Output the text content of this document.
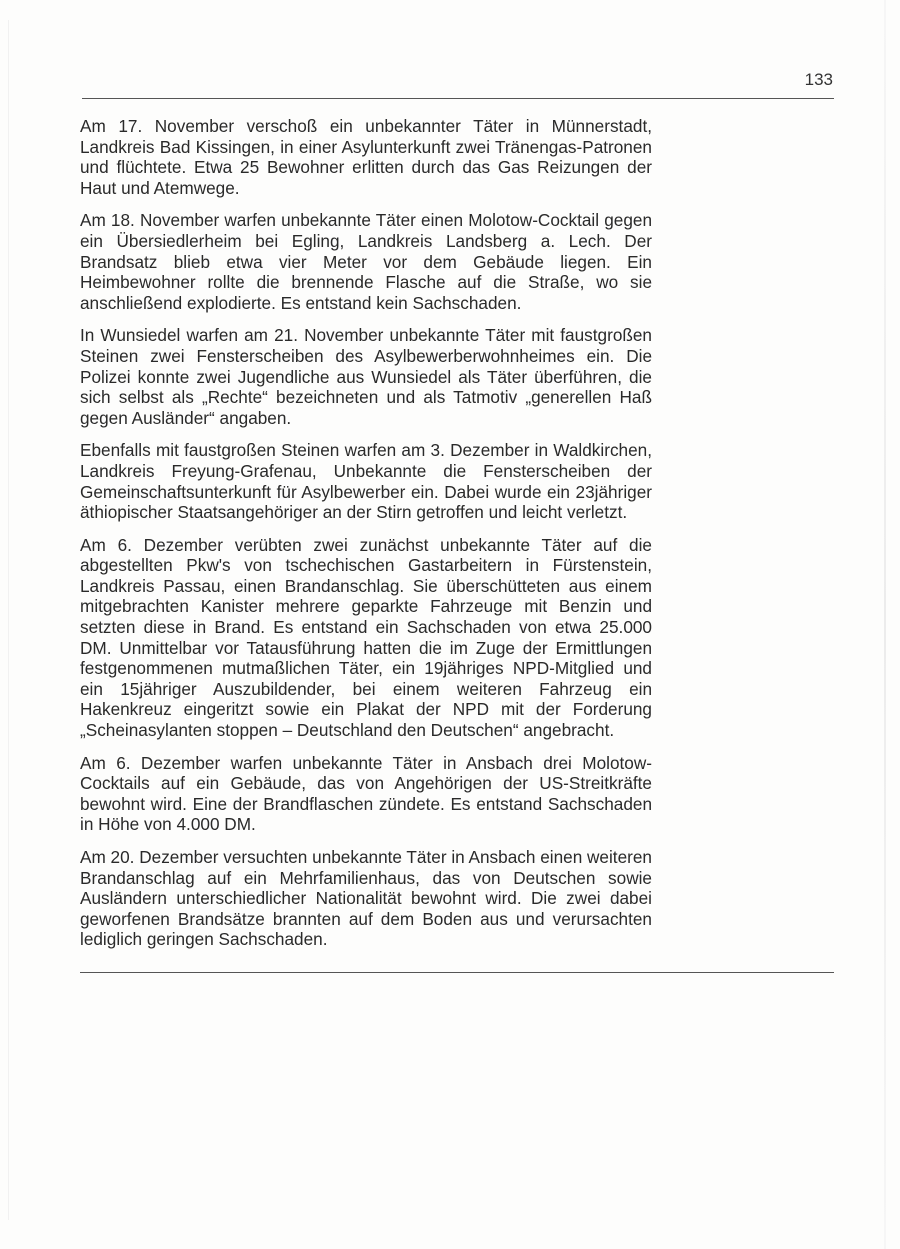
133

Am 17. November verschoß ein unbekannter Täter in Münnerstadt, Landkreis Bad Kissingen, in einer Asylunterkunft zwei Tränengas-Patronen und flüchtete. Etwa 25 Bewohner erlitten durch das Gas Reizungen der Haut und Atemwege.

Am 18. November warfen unbekannte Täter einen Molotow-Cocktail gegen ein Übersiedlerheim bei Egling, Landkreis Landsberg a. Lech. Der Brandsatz blieb etwa vier Meter vor dem Gebäude liegen. Ein Heimbewohner rollte die brennende Flasche auf die Straße, wo sie anschließend explodierte. Es entstand kein Sachschaden.

In Wunsiedel warfen am 21. November unbekannte Täter mit faustgroßen Steinen zwei Fensterscheiben des Asylbewerberwohnheimes ein. Die Polizei konnte zwei Jugendliche aus Wunsiedel als Täter überführen, die sich selbst als „Rechte“ bezeichneten und als Tatmotiv „generellen Haß gegen Ausländer“ angaben.

Ebenfalls mit faustgroßen Steinen warfen am 3. Dezember in Waldkirchen, Landkreis Freyung-Grafenau, Unbekannte die Fensterscheiben der Gemeinschaftsunterkunft für Asylbewerber ein. Dabei wurde ein 23jähriger äthiopischer Staatsangehöriger an der Stirn getroffen und leicht verletzt.

Am 6. Dezember verübten zwei zunächst unbekannte Täter auf die abgestellten Pkw's von tschechischen Gastarbeitern in Fürstenstein, Landkreis Passau, einen Brandanschlag. Sie überschütteten aus einem mitgebrachten Kanister mehrere geparkte Fahrzeuge mit Benzin und setzten diese in Brand. Es entstand ein Sachschaden von etwa 25.000 DM. Unmittelbar vor Tatausführung hatten die im Zuge der Ermittlungen festgenommenen mutmaßlichen Täter, ein 19jähriges NPD-Mitglied und ein 15jähriger Auszubildender, bei einem weiteren Fahrzeug ein Hakenkreuz eingeritzt sowie ein Plakat der NPD mit der Forderung „Scheinasylanten stoppen – Deutschland den Deutschen“ angebracht.

Am 6. Dezember warfen unbekannte Täter in Ansbach drei Molotow-Cocktails auf ein Gebäude, das von Angehörigen der US-Streitkräfte bewohnt wird. Eine der Brandflaschen zündete. Es entstand Sachschaden in Höhe von 4.000 DM.

Am 20. Dezember versuchten unbekannte Täter in Ansbach einen weiteren Brandanschlag auf ein Mehrfamilienhaus, das von Deutschen sowie Ausländern unterschiedlicher Nationalität bewohnt wird. Die zwei dabei geworfenen Brandsätze brannten auf dem Boden aus und verursachten lediglich geringen Sachschaden.
